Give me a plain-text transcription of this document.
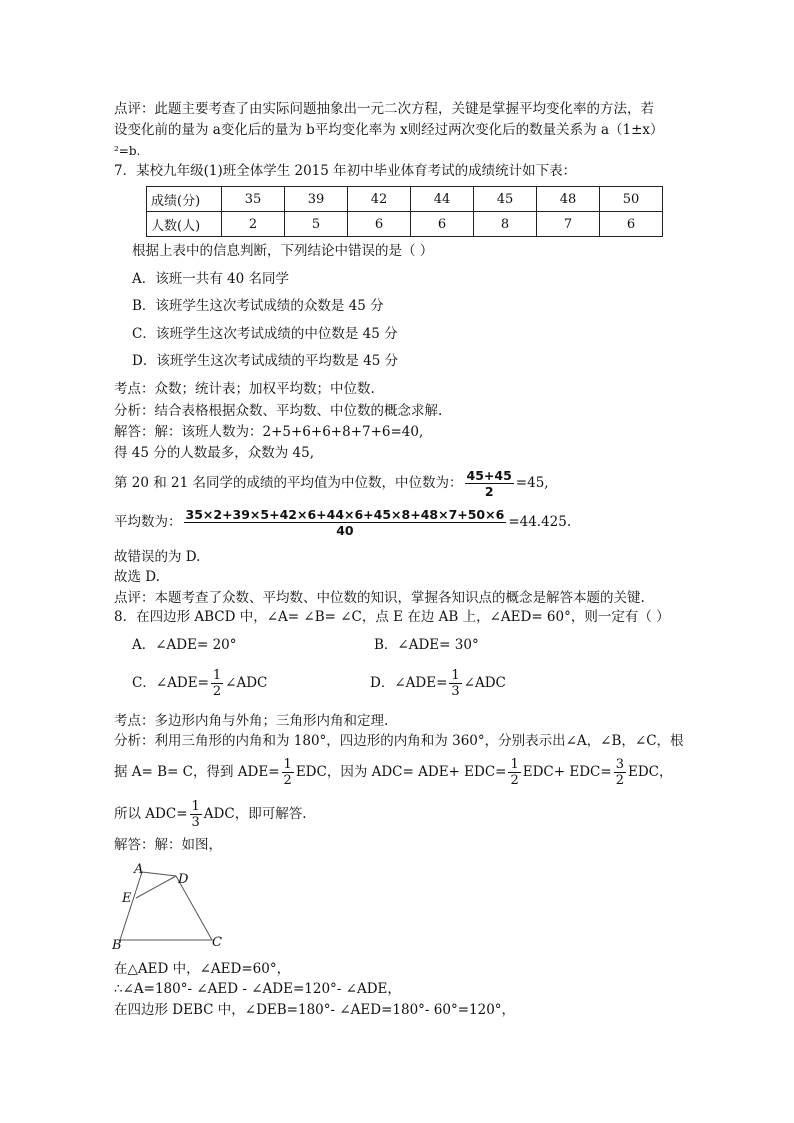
点评：此题主要考查了由实际问题抽象出一元二次方程，关键是掌握平均变化率的方法，若
设变化前的量为 a变化后的量为 b平均变化率为 x则经过两次变化后的数量关系为 a（1±x）
²=b.
7．某校九年级(1)班全体学生 2015 年初中毕业体育考试的成绩统计如下表：
成绩(分)	35	39	42	44	45	48	50
人数(人)	2	5	6	6	8	7	6
根据上表中的信息判断，下列结论中错误的是（ ）
A．该班一共有 40 名同学
B．该班学生这次考试成绩的众数是 45 分
C．该班学生这次考试成绩的中位数是 45 分
D．该班学生这次考试成绩的平均数是 45 分
考点：众数；统计表；加权平均数；中位数.
分析：结合表格根据众数、平均数、中位数的概念求解.
解答：解：该班人数为：2+5+6+6+8+7+6=40,
得 45 分的人数最多，众数为 45,
第 20 和 21 名同学的成绩的平均值为中位数，中位数为： $\frac{45+45}{2} =45$,
平均数为： $\frac{35\times 2+39\times 5+42\times 6+44\times 6+45\times 8+48\times 7+50\times 6}{40} =44.425$.
故错误的为 D.
故选 D.
点评：本题考查了众数、平均数、中位数的知识，掌握各知识点的概念是解答本题的关键.
8．在四边形 ABCD 中，∠A= ∠B= ∠C，点 E 在边 AB 上，∠AED= 60°，则一定有（ ）
A．∠ADE= 20°	B．∠ADE= 30°
C．∠ADE= $\frac{1}{2}$ ∠ADC	D．∠ADE= $\frac{1}{3}$ ∠ADC
考点：多边形内角与外角；三角形内角和定理.
分析：利用三角形的内角和为 180°，四边形的内角和为 360°，分别表示出∠A，∠B，∠C，根
据 A= B= C，得到 $ADE= \frac{1}{2}$ EDC，因为 $ADC= ADE+ EDC= \frac{1}{2} EDC+ EDC= \frac{3}{2}$ EDC，
所以 $ADC= \frac{1}{3}$ ADC，即可解答.
解答：解：如图，
A
D
E
B	C
在△AED 中，∠AED=60°，
∴∠A=180°- ∠AED - ∠ADE=120°- ∠ADE，
在四边形 DEBC 中，∠DEB=180°- ∠AED=180°- 60°=120°，
